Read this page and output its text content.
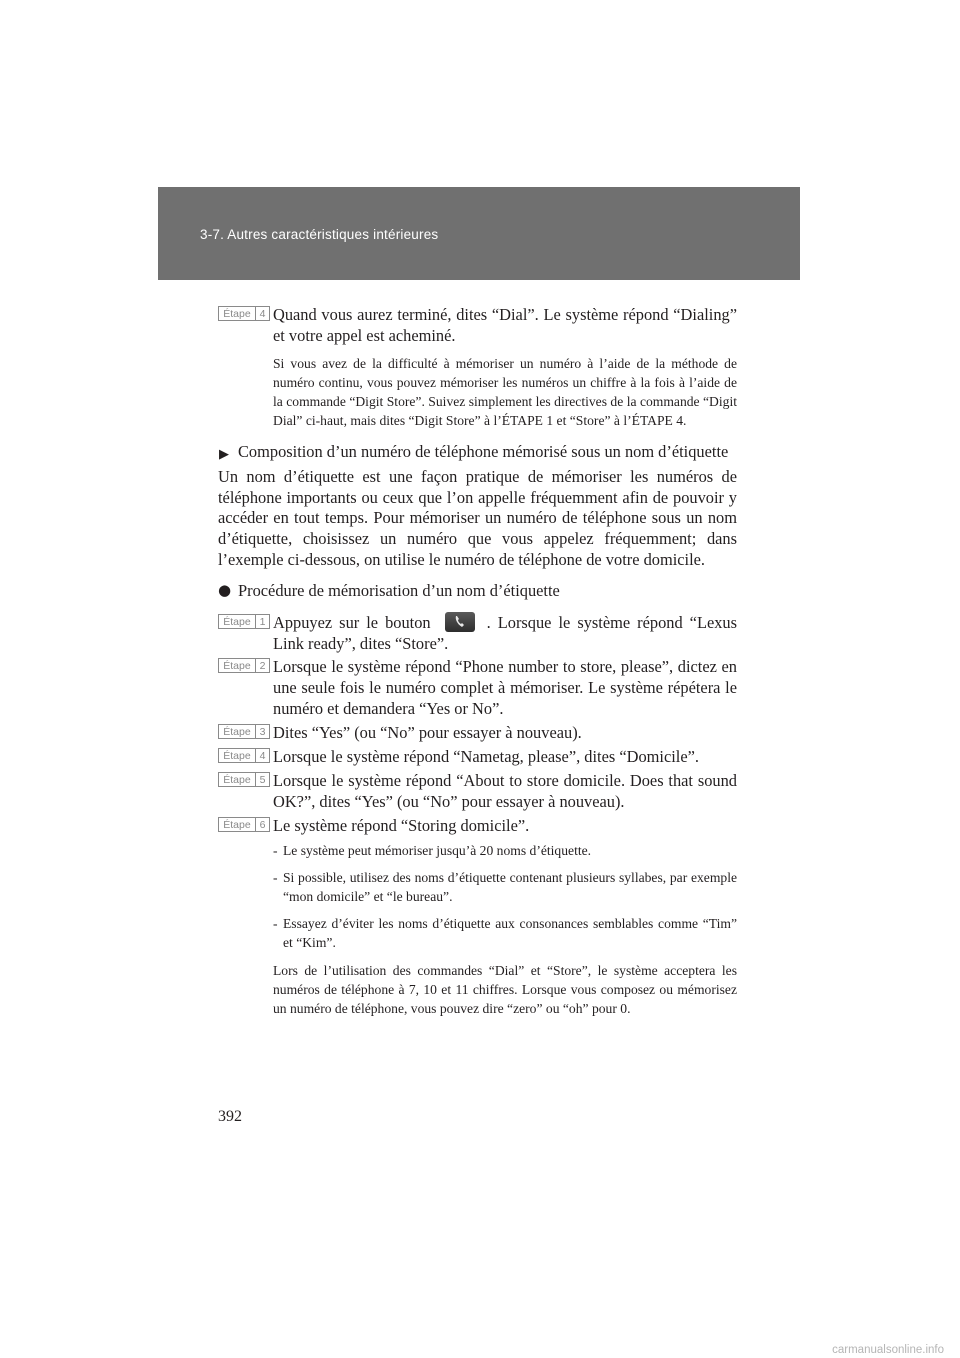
3-7. Autres caractéristiques intérieures
Étape 4 Quand vous aurez terminé, dites “Dial”. Le système répond “Dialing” et votre appel est acheminé.
Si vous avez de la difficulté à mémoriser un numéro à l’aide de la méthode de numéro continu, vous pouvez mémoriser les numéros un chiffre à la fois à l’aide de la commande “Digit Store”. Suivez simplement les directives de la commande “Digit Dial” ci-haut, mais dites “Digit Store” à l’ÉTAPE 1 et “Store” à l’ÉTAPE 4.
▶ Composition d’un numéro de téléphone mémorisé sous un nom d’étiquette
Un nom d’étiquette est une façon pratique de mémoriser les numéros de téléphone importants ou ceux que l’on appelle fréquemment afin de pouvoir y accéder en tout temps. Pour mémoriser un numéro de téléphone sous un nom d’étiquette, choisissez un numéro que vous appelez fréquemment; dans l’exemple ci-dessous, on utilise le numéro de téléphone de votre domicile.
● Procédure de mémorisation d’un nom d’étiquette
Étape 1 Appuyez sur le bouton	. Lorsque le système répond “Lexus Link ready”, dites “Store”.
Étape 2 Lorsque le système répond “Phone number to store, please”, dictez en une seule fois le numéro complet à mémoriser. Le système répétera le numéro et demandera “Yes or No”.
Étape 3 Dites “Yes” (ou “No” pour essayer à nouveau).
Étape 4 Lorsque le système répond “Nametag, please”, dites “Domicile”.
Étape 5 Lorsque le système répond “About to store domicile. Does that sound OK?”, dites “Yes” (ou “No” pour essayer à nouveau).
Étape 6 Le système répond “Storing domicile”.
- Le système peut mémoriser jusqu’à 20 noms d’étiquette.
- Si possible, utilisez des noms d’étiquette contenant plusieurs syllabes, par exemple “mon domicile” et “le bureau”.
- Essayez d’éviter les noms d’étiquette aux consonances semblables comme “Tim” et “Kim”.
Lors de l’utilisation des commandes “Dial” et “Store”, le système acceptera les numéros de téléphone à 7, 10 et 11 chiffres. Lorsque vous composez ou mémorisez un numéro de téléphone, vous pouvez dire “zero” ou “oh” pour 0.
392
carmanualsonline.info
